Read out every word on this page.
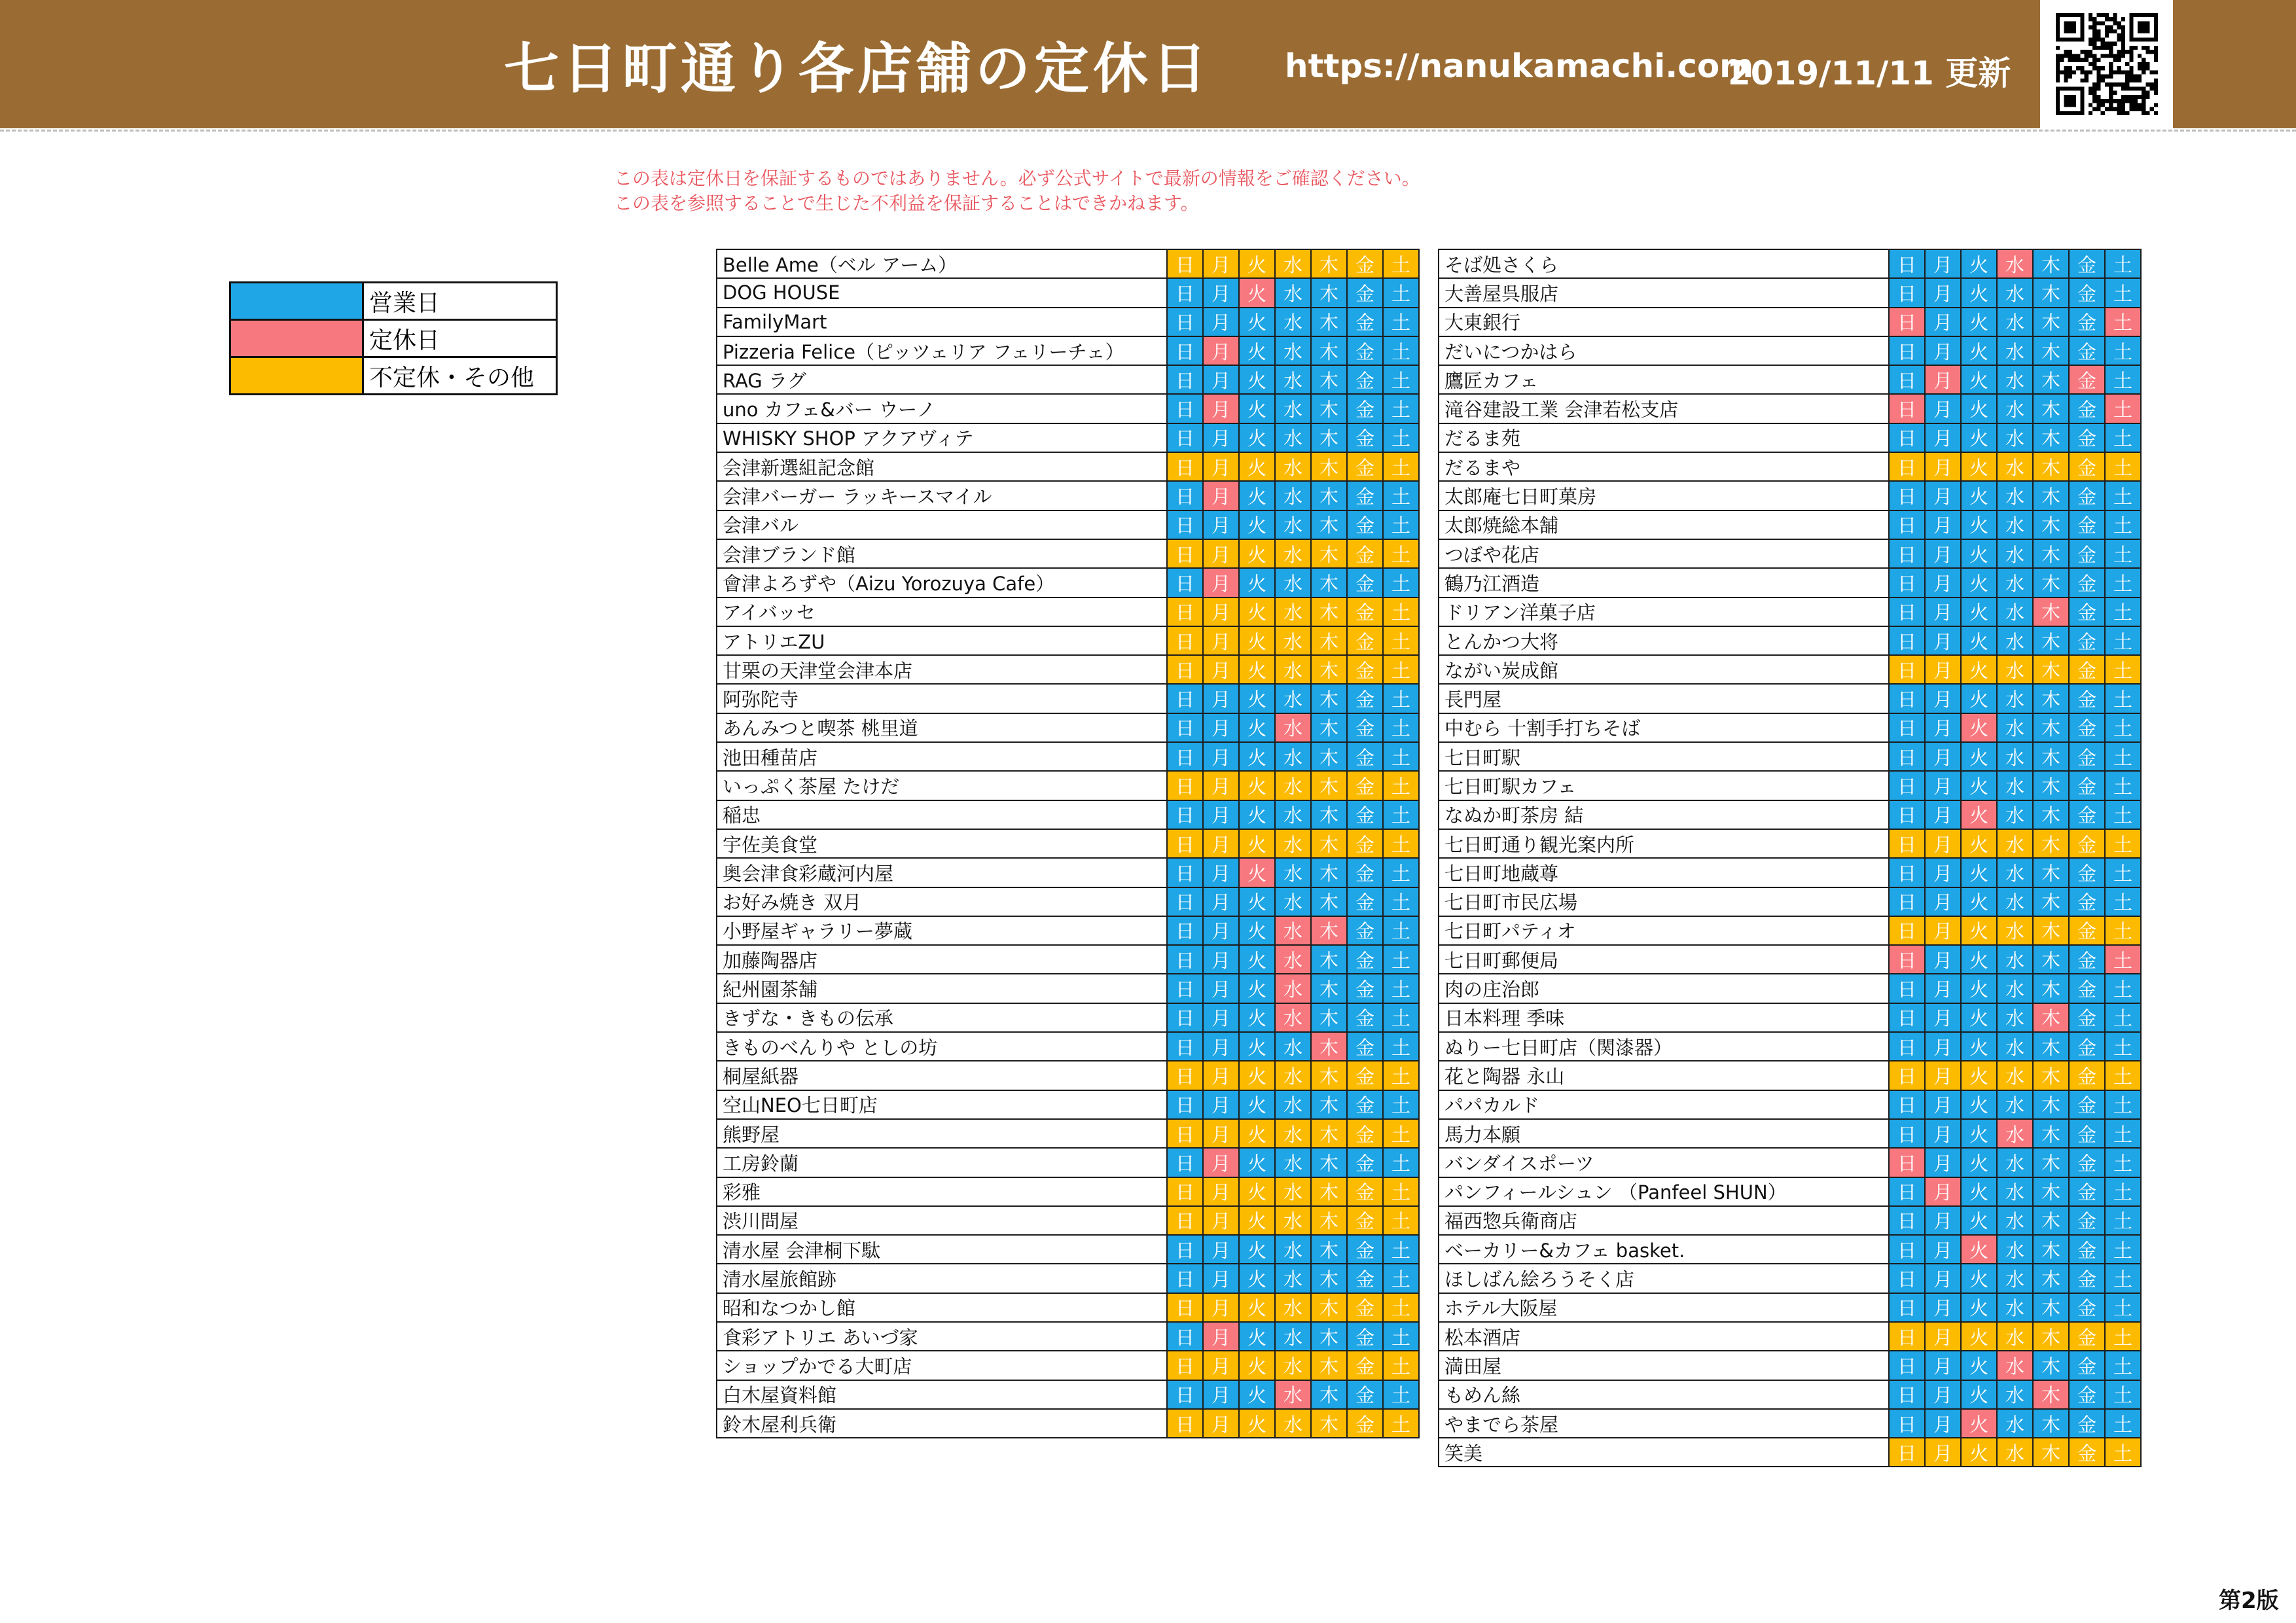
七日町通り各店舗の定休日 https://nanukamachi.com
2019/11/11 更新
この表は定休日を保証するものではありません。必ず公式サイトで最新の情報をご確認ください。
この表を参照することで生じた不利益を保証することはできかねます。
	営業日
	定休日
	不定休・その他
Belle Ame（ベル アーム）	日	月	火	水	木	金	土
DOG HOUSE	日	月	火	水	木	金	土
FamilyMart	日	月	火	水	木	金	土
Pizzeria Felice（ピッツェリア フェリーチェ）	日	月	火	水	木	金	土
RAG ラグ	日	月	火	水	木	金	土
uno カフェ&バー ウーノ	日	月	火	水	木	金	土
WHISKY SHOP アクアヴィテ	日	月	火	水	木	金	土
会津新選組記念館	日	月	火	水	木	金	土
会津バーガー ラッキースマイル	日	月	火	水	木	金	土
会津バル	日	月	火	水	木	金	土
会津ブランド館	日	月	火	水	木	金	土
會津よろずや（Aizu Yorozuya Cafe）	日	月	火	水	木	金	土
アイバッセ	日	月	火	水	木	金	土
アトリエZU	日	月	火	水	木	金	土
甘栗の天津堂会津本店	日	月	火	水	木	金	土
阿弥陀寺	日	月	火	水	木	金	土
あんみつと喫茶 桃里道	日	月	火	水	木	金	土
池田種苗店	日	月	火	水	木	金	土
いっぷく茶屋 たけだ	日	月	火	水	木	金	土
稲忠	日	月	火	水	木	金	土
宇佐美食堂	日	月	火	水	木	金	土
奥会津食彩蔵河内屋	日	月	火	水	木	金	土
お好み焼き 双月	日	月	火	水	木	金	土
小野屋ギャラリー夢蔵	日	月	火	水	木	金	土
加藤陶器店	日	月	火	水	木	金	土
紀州園茶舗	日	月	火	水	木	金	土
きずな・きもの伝承	日	月	火	水	木	金	土
きものべんりや としの坊	日	月	火	水	木	金	土
桐屋紙器	日	月	火	水	木	金	土
空山NEO七日町店	日	月	火	水	木	金	土
熊野屋	日	月	火	水	木	金	土
工房鈴蘭	日	月	火	水	木	金	土
彩雅	日	月	火	水	木	金	土
渋川問屋	日	月	火	水	木	金	土
清水屋 会津桐下駄	日	月	火	水	木	金	土
清水屋旅館跡	日	月	火	水	木	金	土
昭和なつかし館	日	月	火	水	木	金	土
食彩アトリエ あいづ家	日	月	火	水	木	金	土
ショップかでる大町店	日	月	火	水	木	金	土
白木屋資料館	日	月	火	水	木	金	土
鈴木屋利兵衛	日	月	火	水	木	金	土
そば処さくら	日	月	火	水	木	金	土
大善屋呉服店	日	月	火	水	木	金	土
大東銀行	日	月	火	水	木	金	土
だいにつかはら	日	月	火	水	木	金	土
鷹匠カフェ	日	月	火	水	木	金	土
滝谷建設工業 会津若松支店	日	月	火	水	木	金	土
だるま苑	日	月	火	水	木	金	土
だるまや	日	月	火	水	木	金	土
太郎庵七日町菓房	日	月	火	水	木	金	土
太郎焼総本舗	日	月	火	水	木	金	土
つぼや花店	日	月	火	水	木	金	土
鶴乃江酒造	日	月	火	水	木	金	土
ドリアン洋菓子店	日	月	火	水	木	金	土
とんかつ大将	日	月	火	水	木	金	土
ながい炭成館	日	月	火	水	木	金	土
長門屋	日	月	火	水	木	金	土
中むら 十割手打ちそば	日	月	火	水	木	金	土
七日町駅	日	月	火	水	木	金	土
七日町駅カフェ	日	月	火	水	木	金	土
なぬか町茶房 結	日	月	火	水	木	金	土
七日町通り観光案内所	日	月	火	水	木	金	土
七日町地蔵尊	日	月	火	水	木	金	土
七日町市民広場	日	月	火	水	木	金	土
七日町パティオ	日	月	火	水	木	金	土
七日町郵便局	日	月	火	水	木	金	土
肉の庄治郎	日	月	火	水	木	金	土
日本料理 季味	日	月	火	水	木	金	土
ぬりー七日町店（関漆器）	日	月	火	水	木	金	土
花と陶器 永山	日	月	火	水	木	金	土
パパカルド	日	月	火	水	木	金	土
馬力本願	日	月	火	水	木	金	土
バンダイスポーツ	日	月	火	水	木	金	土
パンフィールシュン （Panfeel SHUN）	日	月	火	水	木	金	土
福西惣兵衛商店	日	月	火	水	木	金	土
ベーカリー&カフェ basket.	日	月	火	水	木	金	土
ほしばん絵ろうそく店	日	月	火	水	木	金	土
ホテル大阪屋	日	月	火	水	木	金	土
松本酒店	日	月	火	水	木	金	土
満田屋	日	月	火	水	木	金	土
もめん絲	日	月	火	水	木	金	土
やまでら茶屋	日	月	火	水	木	金	土
笑美	日	月	火	水	木	金	土
第2版
